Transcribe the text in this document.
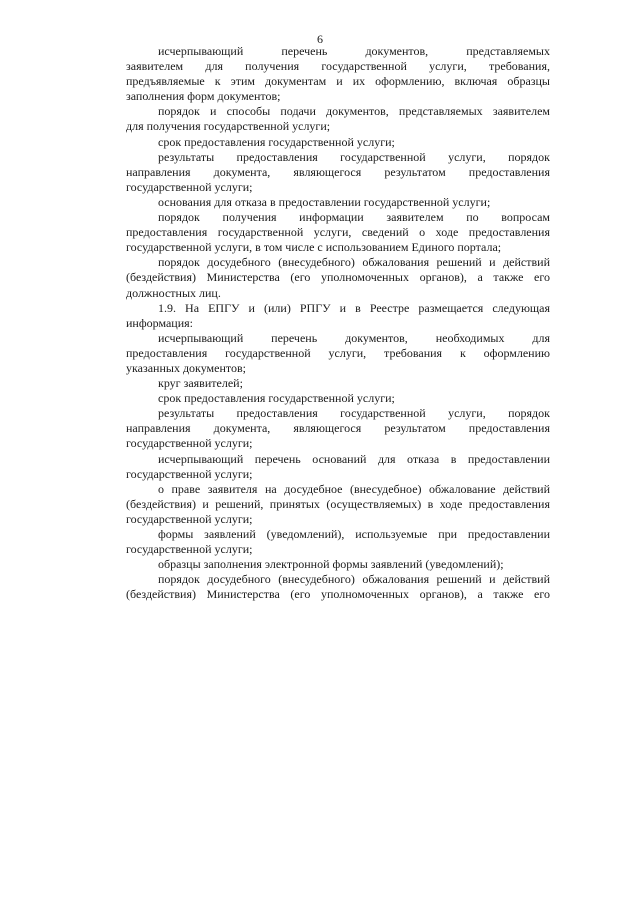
6
исчерпывающий перечень документов, представляемых
заявителем для получения государственной услуги, требования,
предъявляемые к этим документам и их оформлению, включая образцы
заполнения форм документов;
порядок и способы подачи документов, представляемых заявителем
для получения государственной услуги;
срок предоставления государственной услуги;
результаты предоставления государственной услуги, порядок
направления документа, являющегося результатом предоставления
государственной услуги;
основания для отказа в предоставлении государственной услуги;
порядок получения информации заявителем по вопросам
предоставления государственной услуги, сведений о ходе предоставления
государственной услуги, в том числе с использованием Единого портала;
порядок досудебного (внесудебного) обжалования решений и действий
(бездействия) Министерства (его уполномоченных органов), а также его
должностных лиц.
1.9. На ЕПГУ и (или) РПГУ и в Реестре размещается следующая
информация:
исчерпывающий перечень документов, необходимых для
предоставления государственной услуги, требования к оформлению
указанных документов;
круг заявителей;
срок предоставления государственной услуги;
результаты предоставления государственной услуги, порядок
направления документа, являющегося результатом предоставления
государственной услуги;
исчерпывающий перечень оснований для отказа в предоставлении
государственной услуги;
о праве заявителя на досудебное (внесудебное) обжалование действий
(бездействия) и решений, принятых (осуществляемых) в ходе предоставления
государственной услуги;
формы заявлений (уведомлений), используемые при предоставлении
государственной услуги;
образцы заполнения электронной формы заявлений (уведомлений);
порядок досудебного (внесудебного) обжалования решений и действий
(бездействия) Министерства (его уполномоченных органов), а также его
